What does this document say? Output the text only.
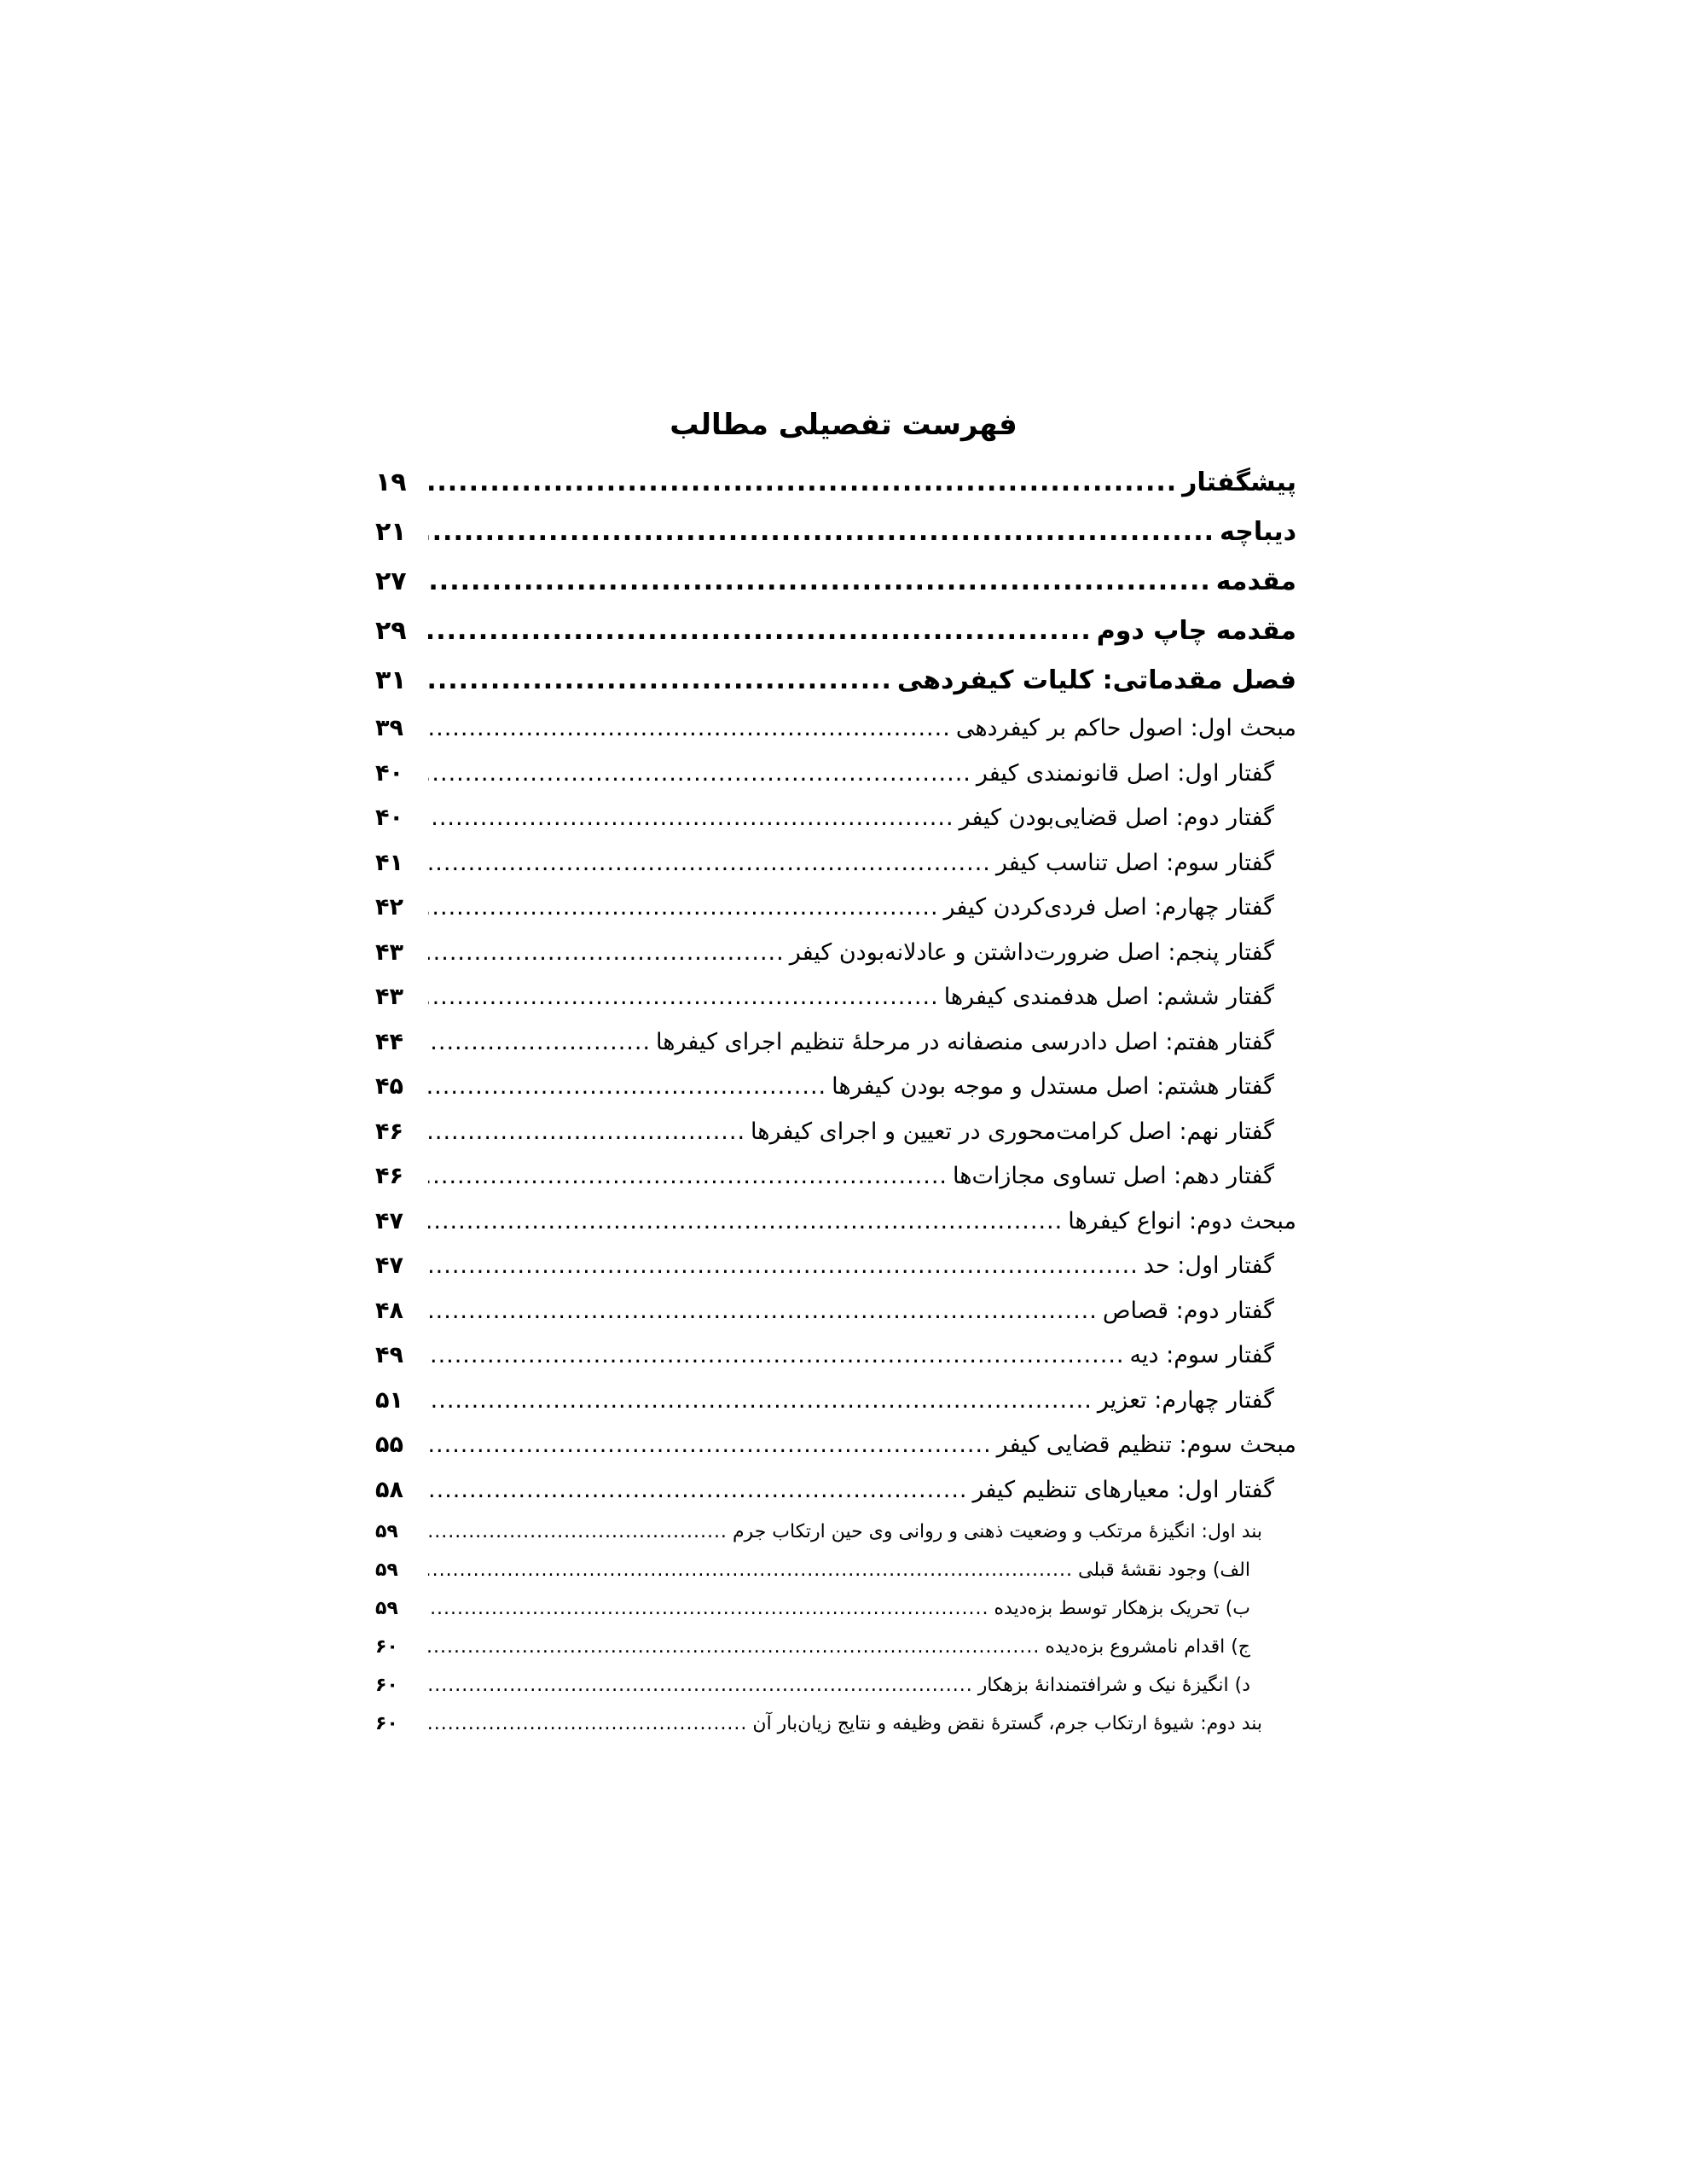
فهرست تفصیلی مطالب
پیشگفتار
.....
۱۹
دیباچه
.....
۲۱
مقدمه
.....
۲۷
مقدمه چاپ دوم
.....
۲۹
فصل مقدماتی: کلیات کیفردهی
.....
۳۱
مبحث اول: اصول حاکم بر کیفردهی
.....
۳۹
گفتار اول: اصل قانونمندی کیفر
.....
۴۰
گفتار دوم: اصل قضایی‌بودن کیفر
.....
۴۰
گفتار سوم: اصل تناسب کیفر
.....
۴۱
گفتار چهارم: اصل فردی‌کردن کیفر
.....
۴۲
گفتار پنجم: اصل ضرورت‌داشتن و عادلانه‌بودن کیفر
.....
۴۳
گفتار ششم: اصل هدفمندی کیفرها
.....
۴۳
گفتار هفتم: اصل دادرسی منصفانه در مرحلهٔ تنظیم اجرای کیفرها
.....
۴۴
گفتار هشتم: اصل مستدل و موجه بودن کیفرها
.....
۴۵
گفتار نهم: اصل کرامت‌محوری در تعیین و اجرای کیفرها
.....
۴۶
گفتار دهم: اصل تساوی مجازات‌ها
.....
۴۶
مبحث دوم: انواع کیفرها
.....
۴۷
گفتار اول: حد
.....
۴۷
گفتار دوم: قصاص
.....
۴۸
گفتار سوم: دیه
.....
۴۹
گفتار چهارم: تعزیر
.....
۵۱
مبحث سوم: تنظیم قضایی کیفر
.....
۵۵
گفتار اول: معیارهای تنظیم کیفر
.....
۵۸
بند اول: انگیزهٔ مرتکب و وضعیت ذهنی و روانی وی حین ارتکاب جرم
.....
۵۹
الف) وجود نقشهٔ قبلی
.....
۵۹
ب) تحریک بزهکار توسط بزه‌دیده
.....
۵۹
ج) اقدام نامشروع بزه‌دیده
.....
۶۰
د) انگیزهٔ نیک و شرافتمندانهٔ بزهکار
.....
۶۰
بند دوم: شیوهٔ ارتکاب جرم، گسترهٔ نقض وظیفه و نتایج زیان‌بار آن
.....
۶۰
